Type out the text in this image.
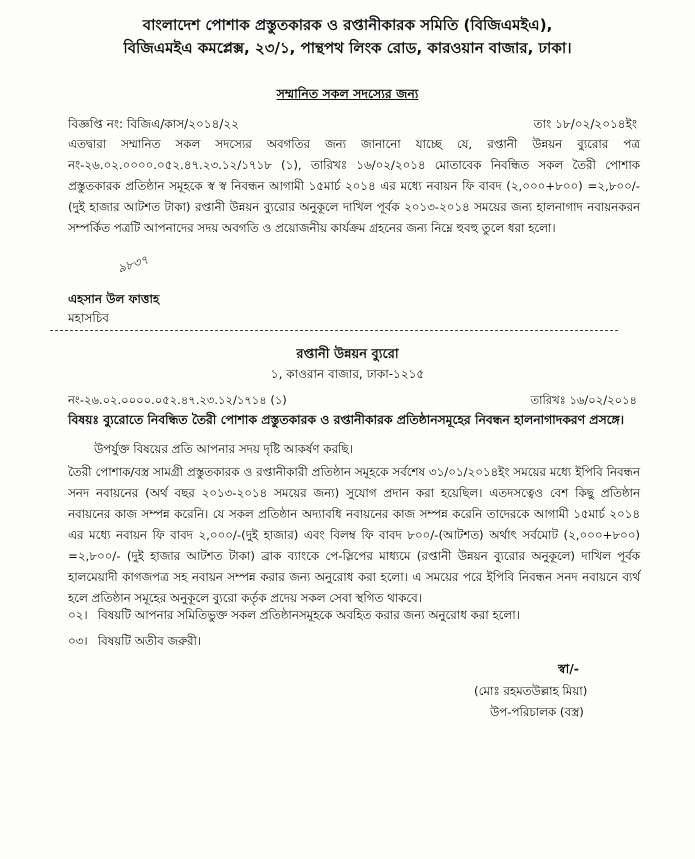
বাংলাদেশ পোশাক প্রস্তুতকারক ও রপ্তানীকারক সমিতি (বিজিএমইএ),
বিজিএমইএ কমপ্লেক্স, ২৩/১, পান্থপথ লিংক রোড, কারওয়ান বাজার, ঢাকা।
সম্মানিত সকল সদস্যের জন্য
বিজ্ঞপ্তি নং: বিজিএ/কাস/২০১৪/২২	তাং ১৮/০২/২০১৪ইং
এতদ্বারা সম্মানিত সকল সদস্যের অবগতির জন্য জানানো যাচ্ছে যে, রপ্তানী উন্নয়ন ব্যুরোর পত্র নং-২৬.০২.০০০০.০৫২.৪৭.২৩.১২/১৭১৮ (১), তারিখঃ ১৬/০২/২০১৪ মোতাবেক নিবন্ধিত সকল তৈরী পোশাক প্রস্তুতকারক প্রতিষ্ঠান সমূহকে স্ব স্ব নিবন্ধন আগামী ১৫মার্চ ২০১৪ এর মধ্যে নবায়ন ফি বাবদ (২,০০০+৮০০) =২,৮০০/- (দুই হাজার আটশত টাকা) রপ্তানী উন্নয়ন ব্যুরোর অনুকূলে দাখিল পূর্বক ২০১৩-২০১৪ সময়ের জন্য হালনাগাদ নবায়নকরন সম্পর্কিত পত্রটি আপনাদের সদয় অবগতি ও প্রয়োজনীয় কার্যক্রম গ্রহনের জন্য নিম্নে হুবহু তুলে ধরা হলো।
৯৮৩৭
এহসান উল ফাত্তাহ
মহাসচিব
রপ্তানী উন্নয়ন ব্যুরো
১, কাওরান বাজার, ঢাকা-১২১৫
নং-২৬.০২.০০০০.০৫২.৪৭.২৩.১২/১৭১৪ (১)	তারিখঃ ১৬/০২/২০১৪
বিষয়ঃ ব্যুরোতে নিবন্ধিত তৈরী পোশাক প্রস্তুতকারক ও রপ্তানীকারক প্রতিষ্ঠানসমূহের নিবন্ধন হালনাগাদকরণ প্রসঙ্গে।
উপর্যুক্ত বিষয়ের প্রতি আপনার সদয় দৃষ্টি আকর্ষণ করছি।
তৈরী পোশাক/বস্ত্র সামগ্রী প্রস্তুতকারক ও রপ্তানীকারী প্রতিষ্ঠান সমূহকে সর্বশেষ ৩১/০১/২০১৪ইং সময়ের মধ্যে ইপিবি নিবন্ধন সনদ নবায়নের (অর্থ বছর ২০১৩-২০১৪ সময়ের জন্য) সুযোগ প্রদান করা হয়েছিল। এতদসত্বেও বেশ কিছু প্রতিষ্ঠান নবায়নের কাজ সম্পন্ন করেনি। যে সকল প্রতিষ্ঠান অদ্যাবধি নবায়নের কাজ সম্পন্ন করেনি তাদেরকে আগামী ১৫মার্চ ২০১৪ এর মধ্যে নবায়ন ফি বাবদ ২,০০০/-(দুই হাজার) এবং বিলম্ব ফি বাবদ ৮০০/-(আটশত) অর্থাৎ সর্বমোট (২,০০০+৮০০) =২,৮০০/- (দুই হাজার আটশত টাকা) ব্রাক ব্যাংকে পে-স্লিপের মাধ্যমে (রপ্তানী উন্নয়ন ব্যুরোর অনুকূলে) দাখিল পূর্বক হালমেয়াদী কাগজপত্র সহ নবায়ন সম্পন্ন করার জন্য অনুরোধ করা হলো। এ সময়ের পরে ইপিবি নিবন্ধন সনদ নবায়নে ব্যর্থ হলে প্রতিষ্ঠান সমূহের অনুকূলে ব্যুরো কর্তৃক প্রদেয় সকল সেবা স্থগিত থাকবে।
০২। বিষয়টি আপনার সমিতিভুক্ত সকল প্রতিষ্ঠানসমূহকে অবহিত করার জন্য অনুরোধ করা হলো।
০৩। বিষয়টি অতীব জরুরী।
স্বা/-
(মোঃ রহমতউল্লাহ মিয়া)
উপ-পরিচালক (বস্ত্র)
